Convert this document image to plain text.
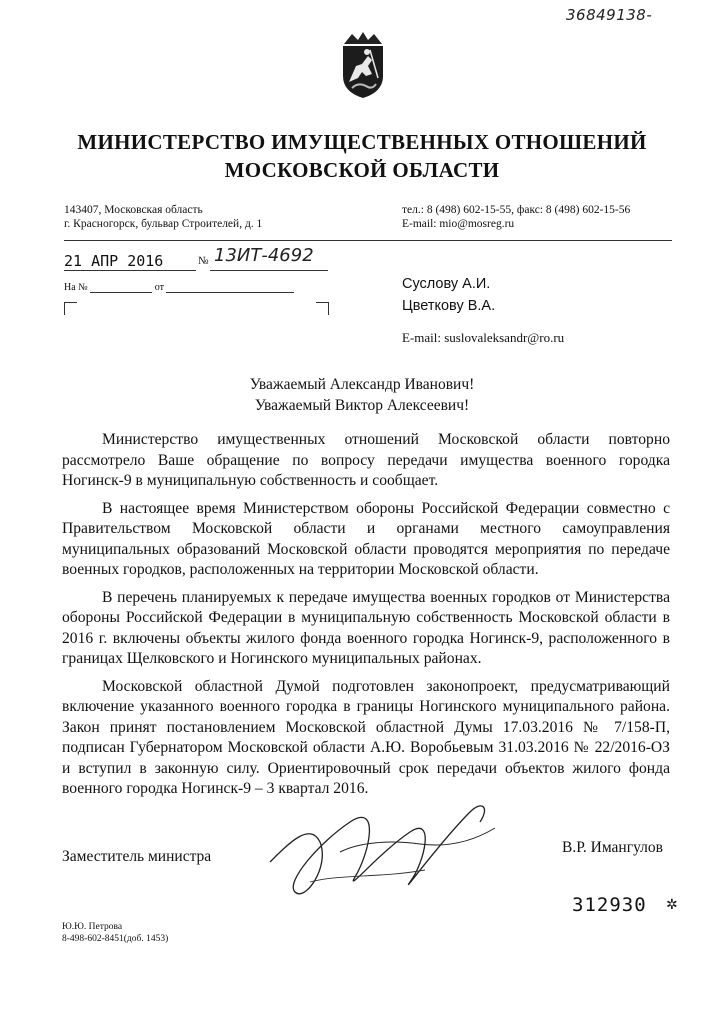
36849138-
МИНИСТЕРСТВО ИМУЩЕСТВЕННЫХ ОТНОШЕНИЙ
МОСКОВСКОЙ ОБЛАСТИ
143407, Московская область
г. Красногорск, бульвар Строителей, д. 1
тел.: 8 (498) 602-15-55, факс: 8 (498) 602-15-56
E-mail: mio@mosreg.ru
21 АПР 2016	№ 13ИТ-4692
На №	от	Суслову А.И.
Цветкову В.А.
E-mail: suslovaleksandr@ro.ru
Уважаемый Александр Иванович!
Уважаемый Виктор Алексеевич!

Министерство имущественных отношений Московской области повторно рассмотрело Ваше обращение по вопросу передачи имущества военного городка Ногинск-9 в муниципальную собственность и сообщает.

В настоящее время Министерством обороны Российской Федерации совместно с Правительством Московской области и органами местного самоуправления муниципальных образований Московской области проводятся мероприятия по передаче военных городков, расположенных на территории Московской области.

В перечень планируемых к передаче имущества военных городков от Министерства обороны Российской Федерации в муниципальную собственность Московской области в 2016 г. включены объекты жилого фонда военного городка Ногинск-9, расположенного в границах Щелковского и Ногинского муниципальных районах.

Московской областной Думой подготовлен законопроект, предусматривающий включение указанного военного городка в границы Ногинского муниципального района. Закон принят постановлением Московской областной Думы 17.03.2016 № 7/158-П, подписан Губернатором Московской области А.Ю. Воробьевым 31.03.2016 № 22/2016-ОЗ и вступил в законную силу. Ориентировочный срок передачи объектов жилого фонда военного городка Ногинск-9 – 3 квартал 2016.

Заместитель министра
В.Р. Имангулов
312930 ✲
Ю.Ю. Петрова
8-498-602-8451(доб. 1453)
